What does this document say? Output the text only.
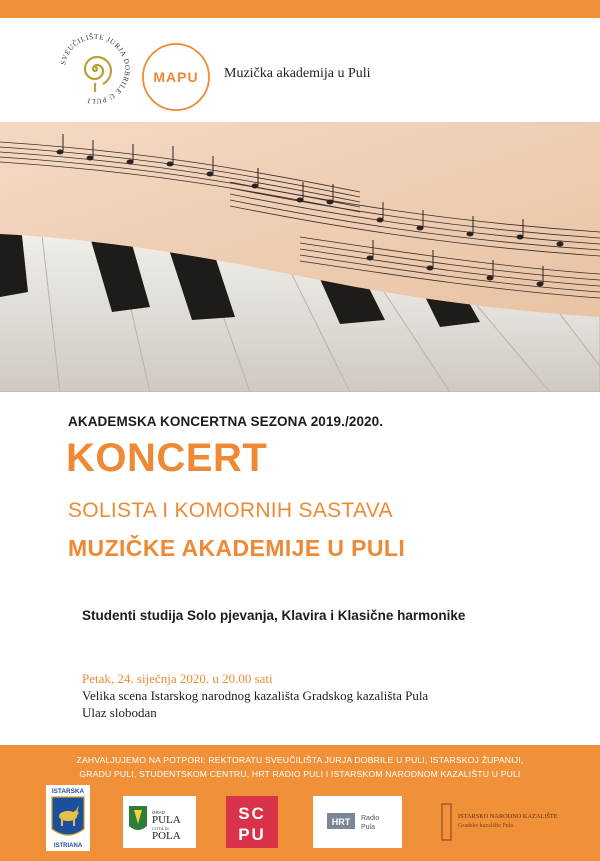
SVEUČILIŠTE JURJA DOBRILE U PULI
MAPU Muzička akademija u Puli
AKADEMSKA KONCERTNA SEZONA 2019./2020.
KONCERT
SOLISTA I KOMORNIH SASTAVA
MUZIČKE AKADEMIJE U PULI
Studenti studija Solo pjevanja, Klavira i Klasične harmonike
Petak, 24. siječnja 2020. u 20.00 sati
Velika scena Istarskog narodnog kazališta Gradskog kazališta Pula
Ulaz slobodan
ZAHVALJUJEMO NA POTPORI: REKTORATU SVEUČILIŠTA JURJA DOBRILE U PULI, ISTARSKOJ ŽUPANIJI,
GRADU PULI, STUDENTSKOM CENTRU, HRT RADIO PULI I ISTARSKOM NARODNOM KAZALIŠTU U PULI
ISTARSKA
ISTRIANA
GRAD
PULA
CITTÀ DI
POLA
SC
PU
HRT Radio
Pula
ISTARSKO NARODNO KAZALIŠTE
Gradsko kazalište Pula
